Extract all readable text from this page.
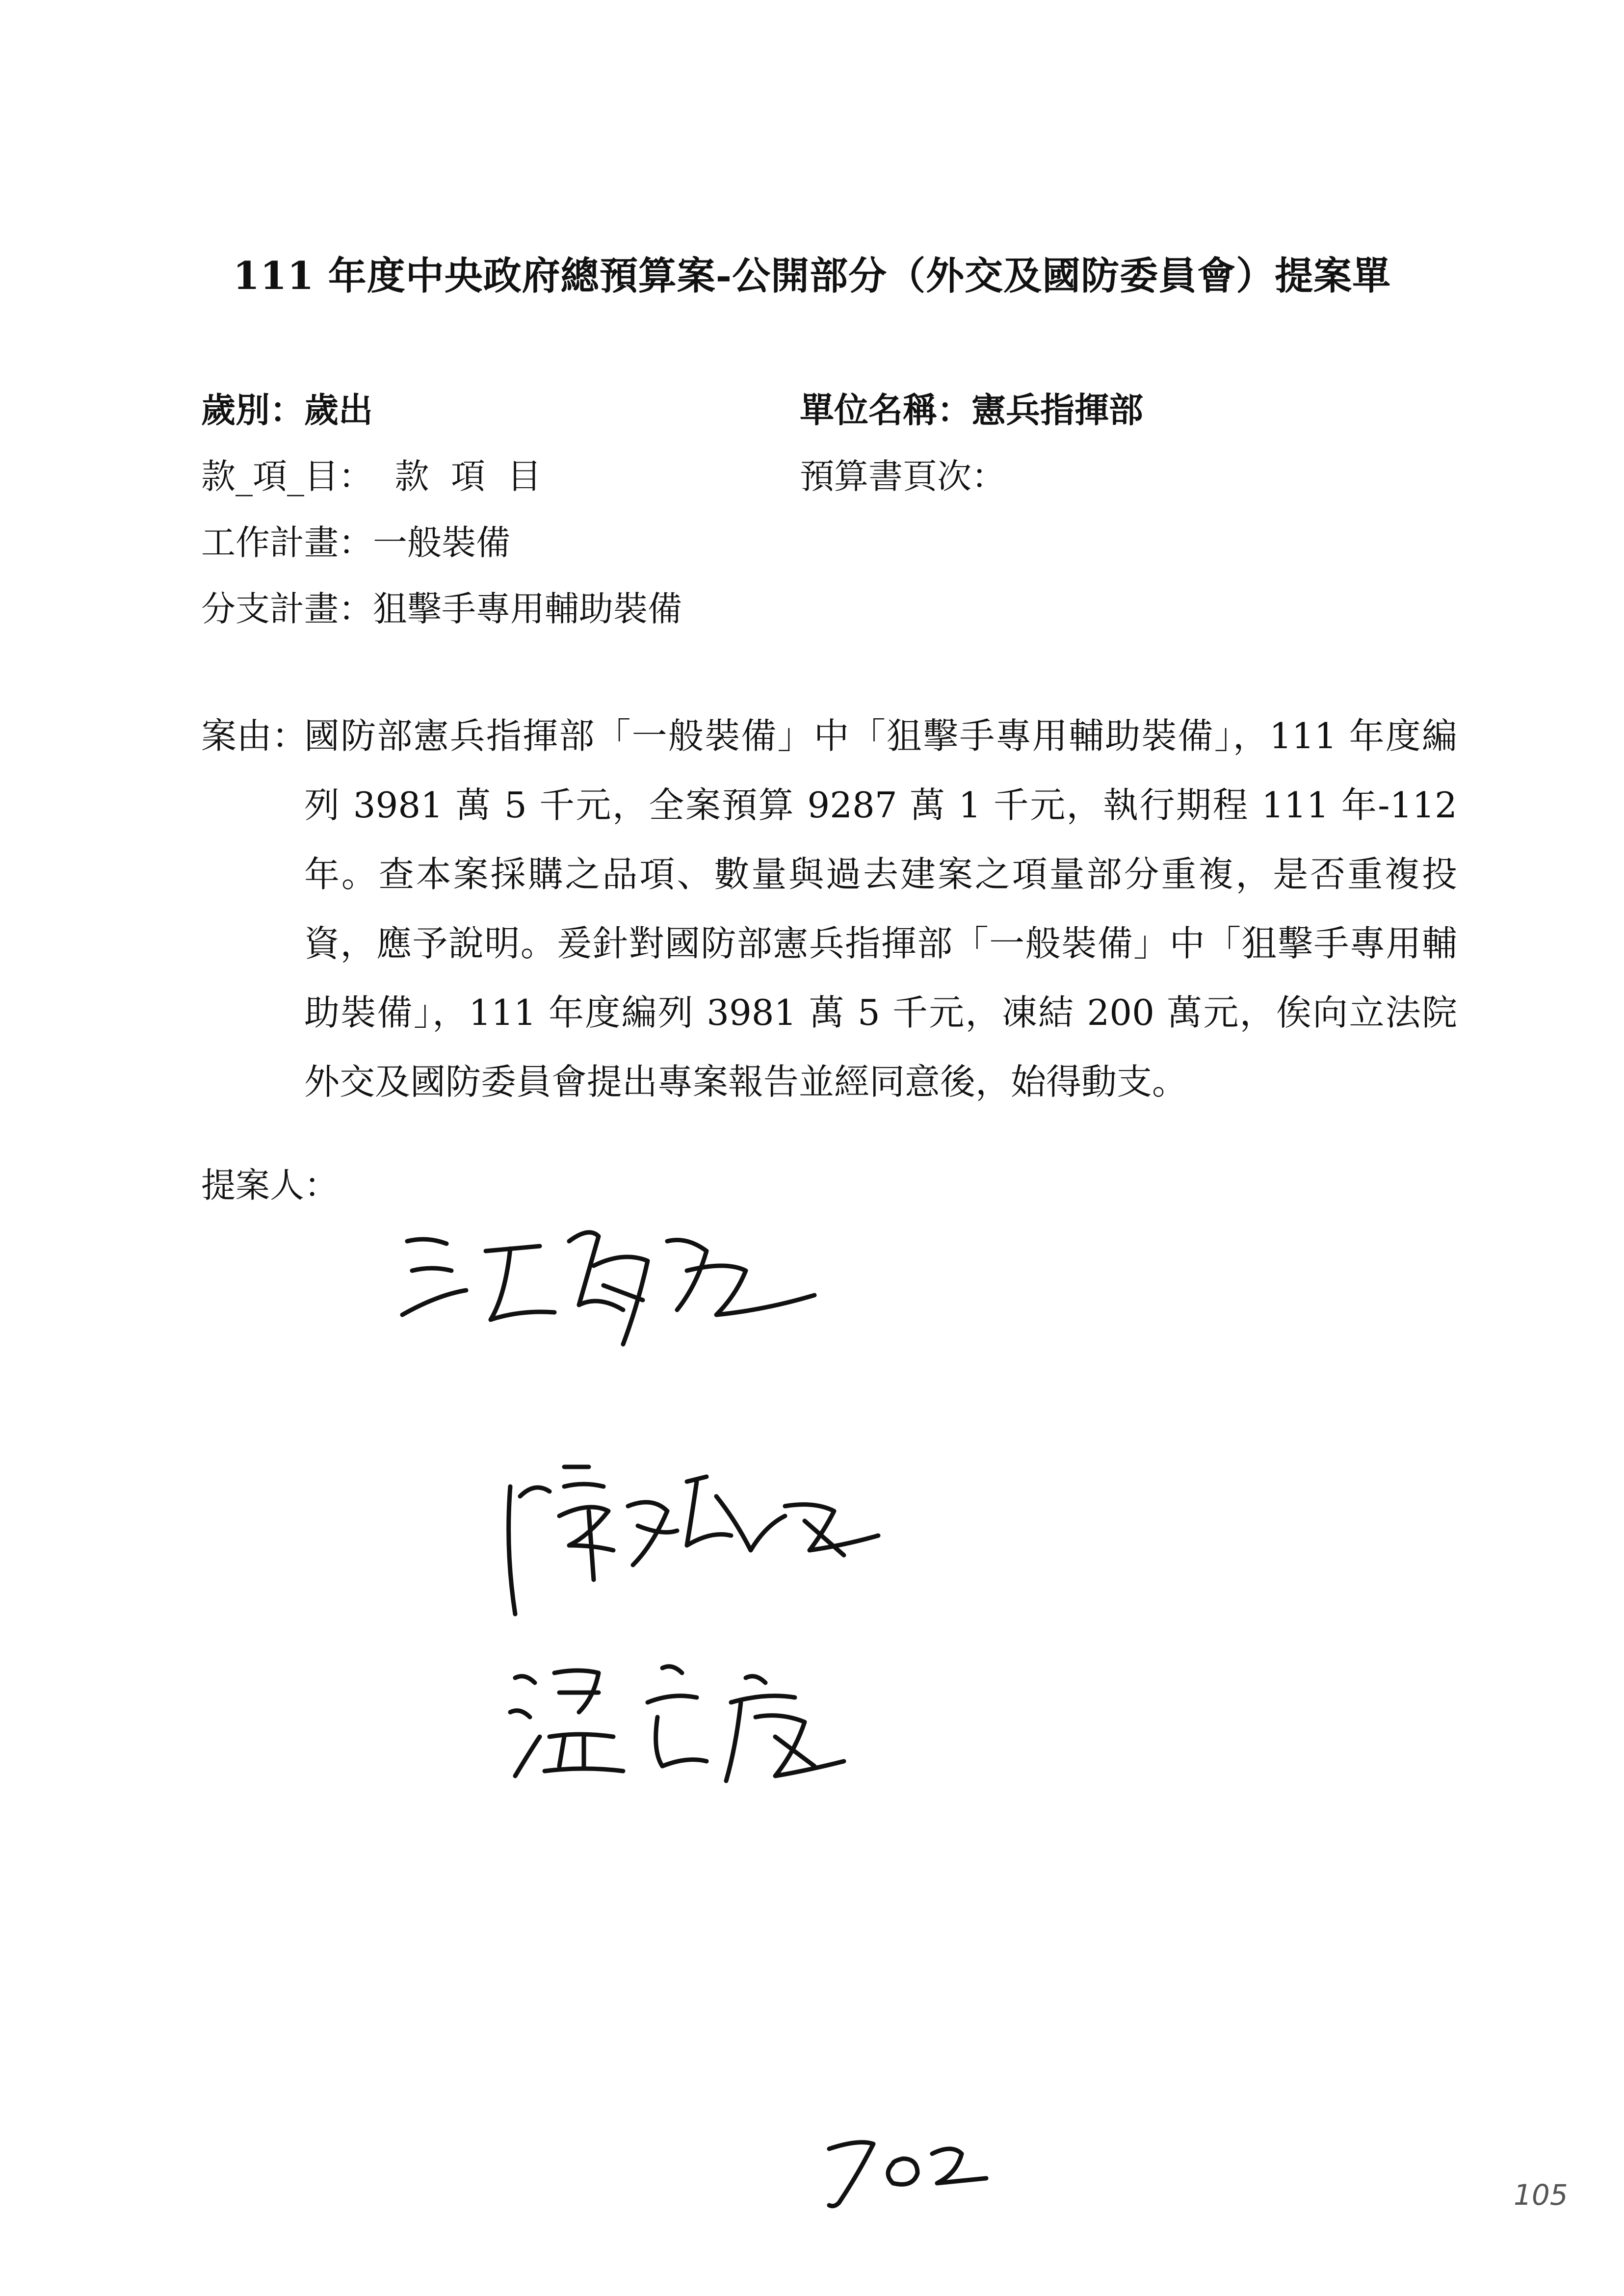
111 年度中央政府總預算案-公開部分（外交及國防委員會）提案單
歲別：歲出	單位名稱：憲兵指揮部
款_項_目：  款  項  目	預算書頁次：
工作計畫：一般裝備
分支計畫：狙擊手專用輔助裝備
案由：
國防部憲兵指揮部「一般裝備」中「狙擊手專用輔助裝備」，111 年度編列 3981 萬 5 千元，全案預算 9287 萬 1 千元，執行期程 111 年-112 年。查本案採購之品項、數量與過去建案之項量部分重複，是否重複投資，應予說明。爰針對國防部憲兵指揮部「一般裝備」中「狙擊手專用輔助裝備」，111 年度編列 3981 萬 5 千元，凍結 200 萬元，俟向立法院外交及國防委員會提出專案報告並經同意後，始得動支。
提案人：
105
